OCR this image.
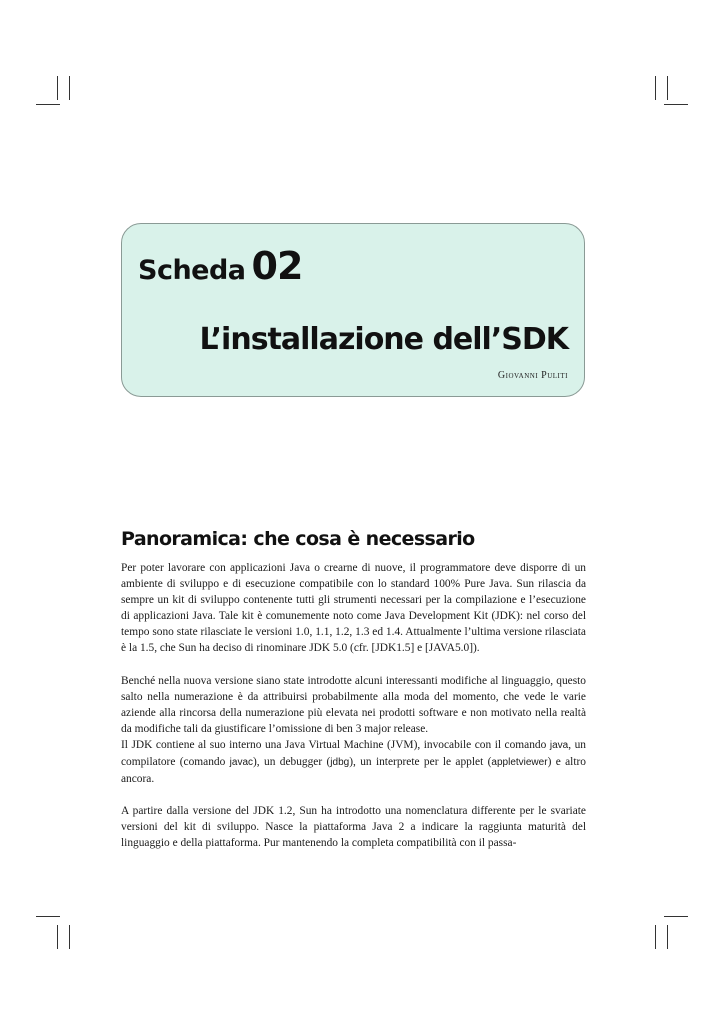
Scheda 02
L’installazione dell’SDK
Giovanni Puliti
Panoramica: che cosa è necessario

Per poter lavorare con applicazioni Java o crearne di nuove, il programmatore deve disporre di un ambiente di sviluppo e di esecuzione compatibile con lo standard 100% Pure Java. Sun rilascia da sempre un kit di sviluppo contenente tutti gli strumenti necessari per la compilazione e l’esecuzione di applicazioni Java. Tale kit è comunemente noto come Java Development Kit (JDK): nel corso del tempo sono state rilasciate le versioni 1.0, 1.1, 1.2, 1.3 ed 1.4. Attualmente l’ultima versione rilasciata è la 1.5, che Sun ha deciso di rinominare JDK 5.0 (cfr. [JDK1.5] e [JAVA5.0]).

Benché nella nuova versione siano state introdotte alcuni interessanti modifiche al linguaggio, questo salto nella numerazione è da attribuirsi probabilmente alla moda del momento, che vede le varie aziende alla rincorsa della numerazione più elevata nei prodotti software e non motivato nella realtà da modifiche tali da giustificare l’omissione di ben 3 major release.

Il JDK contiene al suo interno una Java Virtual Machine (JVM), invocabile con il comando java, un compilatore (comando javac), un debugger (jdbg), un interprete per le applet (appletviewer) e altro ancora.

A partire dalla versione del JDK 1.2, Sun ha introdotto una nomenclatura differente per le svariate versioni del kit di sviluppo. Nasce la piattaforma Java 2 a indicare la raggiunta maturità del linguaggio e della piattaforma. Pur mantenendo la completa compatibilità con il passa-
